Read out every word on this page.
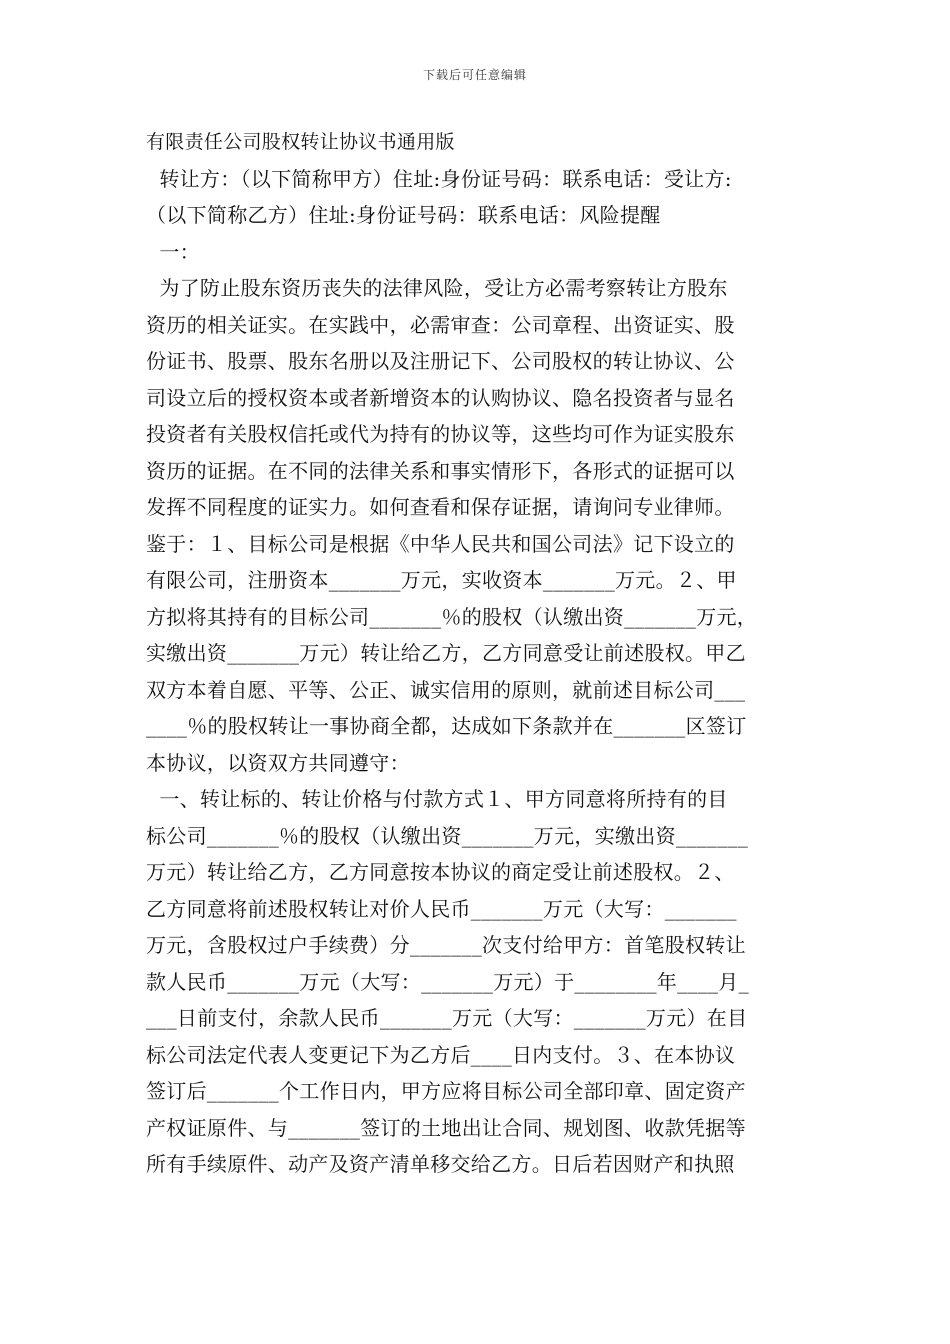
下载后可任意编辑
有限责任公司股权转让协议书通用版
转让方：（以下简称甲方）住址:身份证号码：联系电话：受让方:
（以下简称乙方）住址:身份证号码：联系电话：风险提醒
一：
为了防止股东资历丧失的法律风险，受让方必需考察转让方股东
资历的相关证实。在实践中，必需审查：公司章程、出资证实、股
份证书、股票、股东名册以及注册记下、公司股权的转让协议、公
司设立后的授权资本或者新增资本的认购协议、隐名投资者与显名
投资者有关股权信托或代为持有的协议等，这些均可作为证实股东
资历的证据。在不同的法律关系和事实情形下，各形式的证据可以
发挥不同程度的证实力。如何查看和保存证据，请询问专业律师。
鉴于：１、目标公司是根据《中华人民共和国公司法》记下设立的
有限公司，注册资本_______万元，实收资本_______万元。２、甲
方拟将其持有的目标公司_______％的股权（认缴出资_______万元，
实缴出资_______万元）转让给乙方，乙方同意受让前述股权。甲乙
双方本着自愿、平等、公正、诚实信用的原则，就前述目标公司___
____％的股权转让一事协商全都，达成如下条款并在_______区签订
本协议，以资双方共同遵守：
一、转让标的、转让价格与付款方式１、甲方同意将所持有的目
标公司_______％的股权（认缴出资_______万元，实缴出资_______
万元）转让给乙方，乙方同意按本协议的商定受让前述股权。２、
乙方同意将前述股权转让对价人民币_______万元（大写：_______
万元，含股权过户手续费）分_______次支付给甲方：首笔股权转让
款人民币_______万元（大写：_______万元）于________年____月_
___日前支付，余款人民币_______万元（大写：_______万元）在目
标公司法定代表人变更记下为乙方后____日内支付。３、在本协议
签订后_______个工作日内，甲方应将目标公司全部印章、固定资产
产权证原件、与_______签订的土地出让合同、规划图、收款凭据等
所有手续原件、动产及资产清单移交给乙方。日后若因财产和执照
